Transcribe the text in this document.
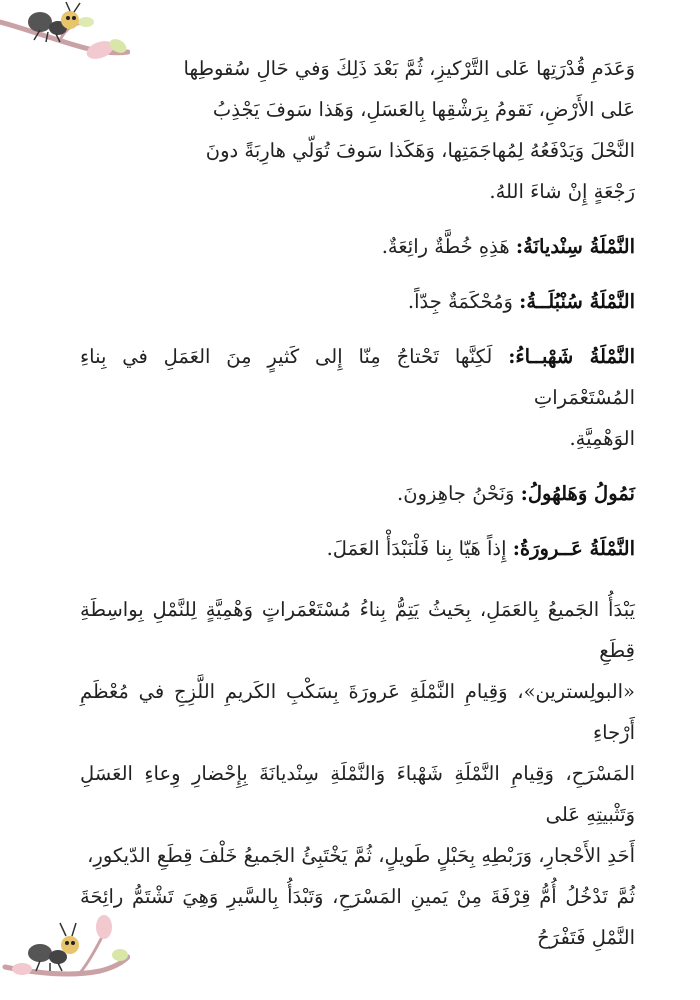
وَعَدَمِ قُدْرَتِها عَلى التَّرْكيزِ، ثُمَّ بَعْدَ ذَلِكَ وَفي حَالِ سُقوطِها

عَلى الأَرْضِ، نَقومُ بِرَشْقِها بِالعَسَلِ، وَهَذا سَوفَ يَجْذِبُ

النَّحْلَ وَيَدْفَعُهُ لِمُهاجَمَتِها، وَهَكَذا سَوفَ تُوَلّي هارِبَةً دونَ

رَجْعَةٍ إِنْ شاءَ اللهُ.

النَّمْلَةُ سِنْديانَةُ: هَذِهِ خُطَّةٌ رائِعَةٌ.
النَّمْلَةُ سُنْبُلَــةُ: وَمُحْكَمَةٌ جِدّاً.
النَّمْلَةُ شَهْبــاءُ: لَكِنَّها تَحْتاجُ مِنّا إِلى كَثيرٍ مِنَ العَمَلِ في بِناءِ المُسْتَعْمَراتِ
الوَهْمِيَّةِ.
نَمُولُ وَهَلهُولُ: وَنَحْنُ جاهِزونَ.
النَّمْلَةُ عَــرورَةُ: إِذاً هَيّا بِنا فَلْنَبْدَأْ العَمَلَ.

يَبْدَأُ الجَميعُ بِالعَمَلِ، بِحَيثُ يَتِمُّ بِناءُ مُسْتَعْمَراتٍ وَهْمِيَّةٍ لِلنَّمْلِ بِواسِطَةِ قِطَعِ

«البولِسترين»، وَقِيامِ النَّمْلَةِ عَرورَةَ بِسَكْبِ الكَريمِ اللَّزِجِ في مُعْظَمِ أَرْجاءِ

المَسْرَحِ، وَقِيامِ النَّمْلَةِ شَهْباءَ وَالنَّمْلَةِ سِنْديانَةَ بِإِحْضارِ وِعاءِ العَسَلِ وَتَثْبيتِهِ عَلى

أَحَدِ الأَحْجارِ، وَرَبْطِهِ بِحَبْلٍ طَويلٍ، ثُمَّ يَخْتَبِئُ الجَميعُ خَلْفَ قِطَعِ الدّيكورِ،

ثُمَّ تَدْخُلُ أُمُّ قِرْفَةَ مِنْ يَمينِ المَسْرَحِ، وَتَبْدَأُ بِالسَّيرِ وَهِيَ تَشْتَمُّ رائِحَةَ النَّمْلِ فَتَفْرَحُ
